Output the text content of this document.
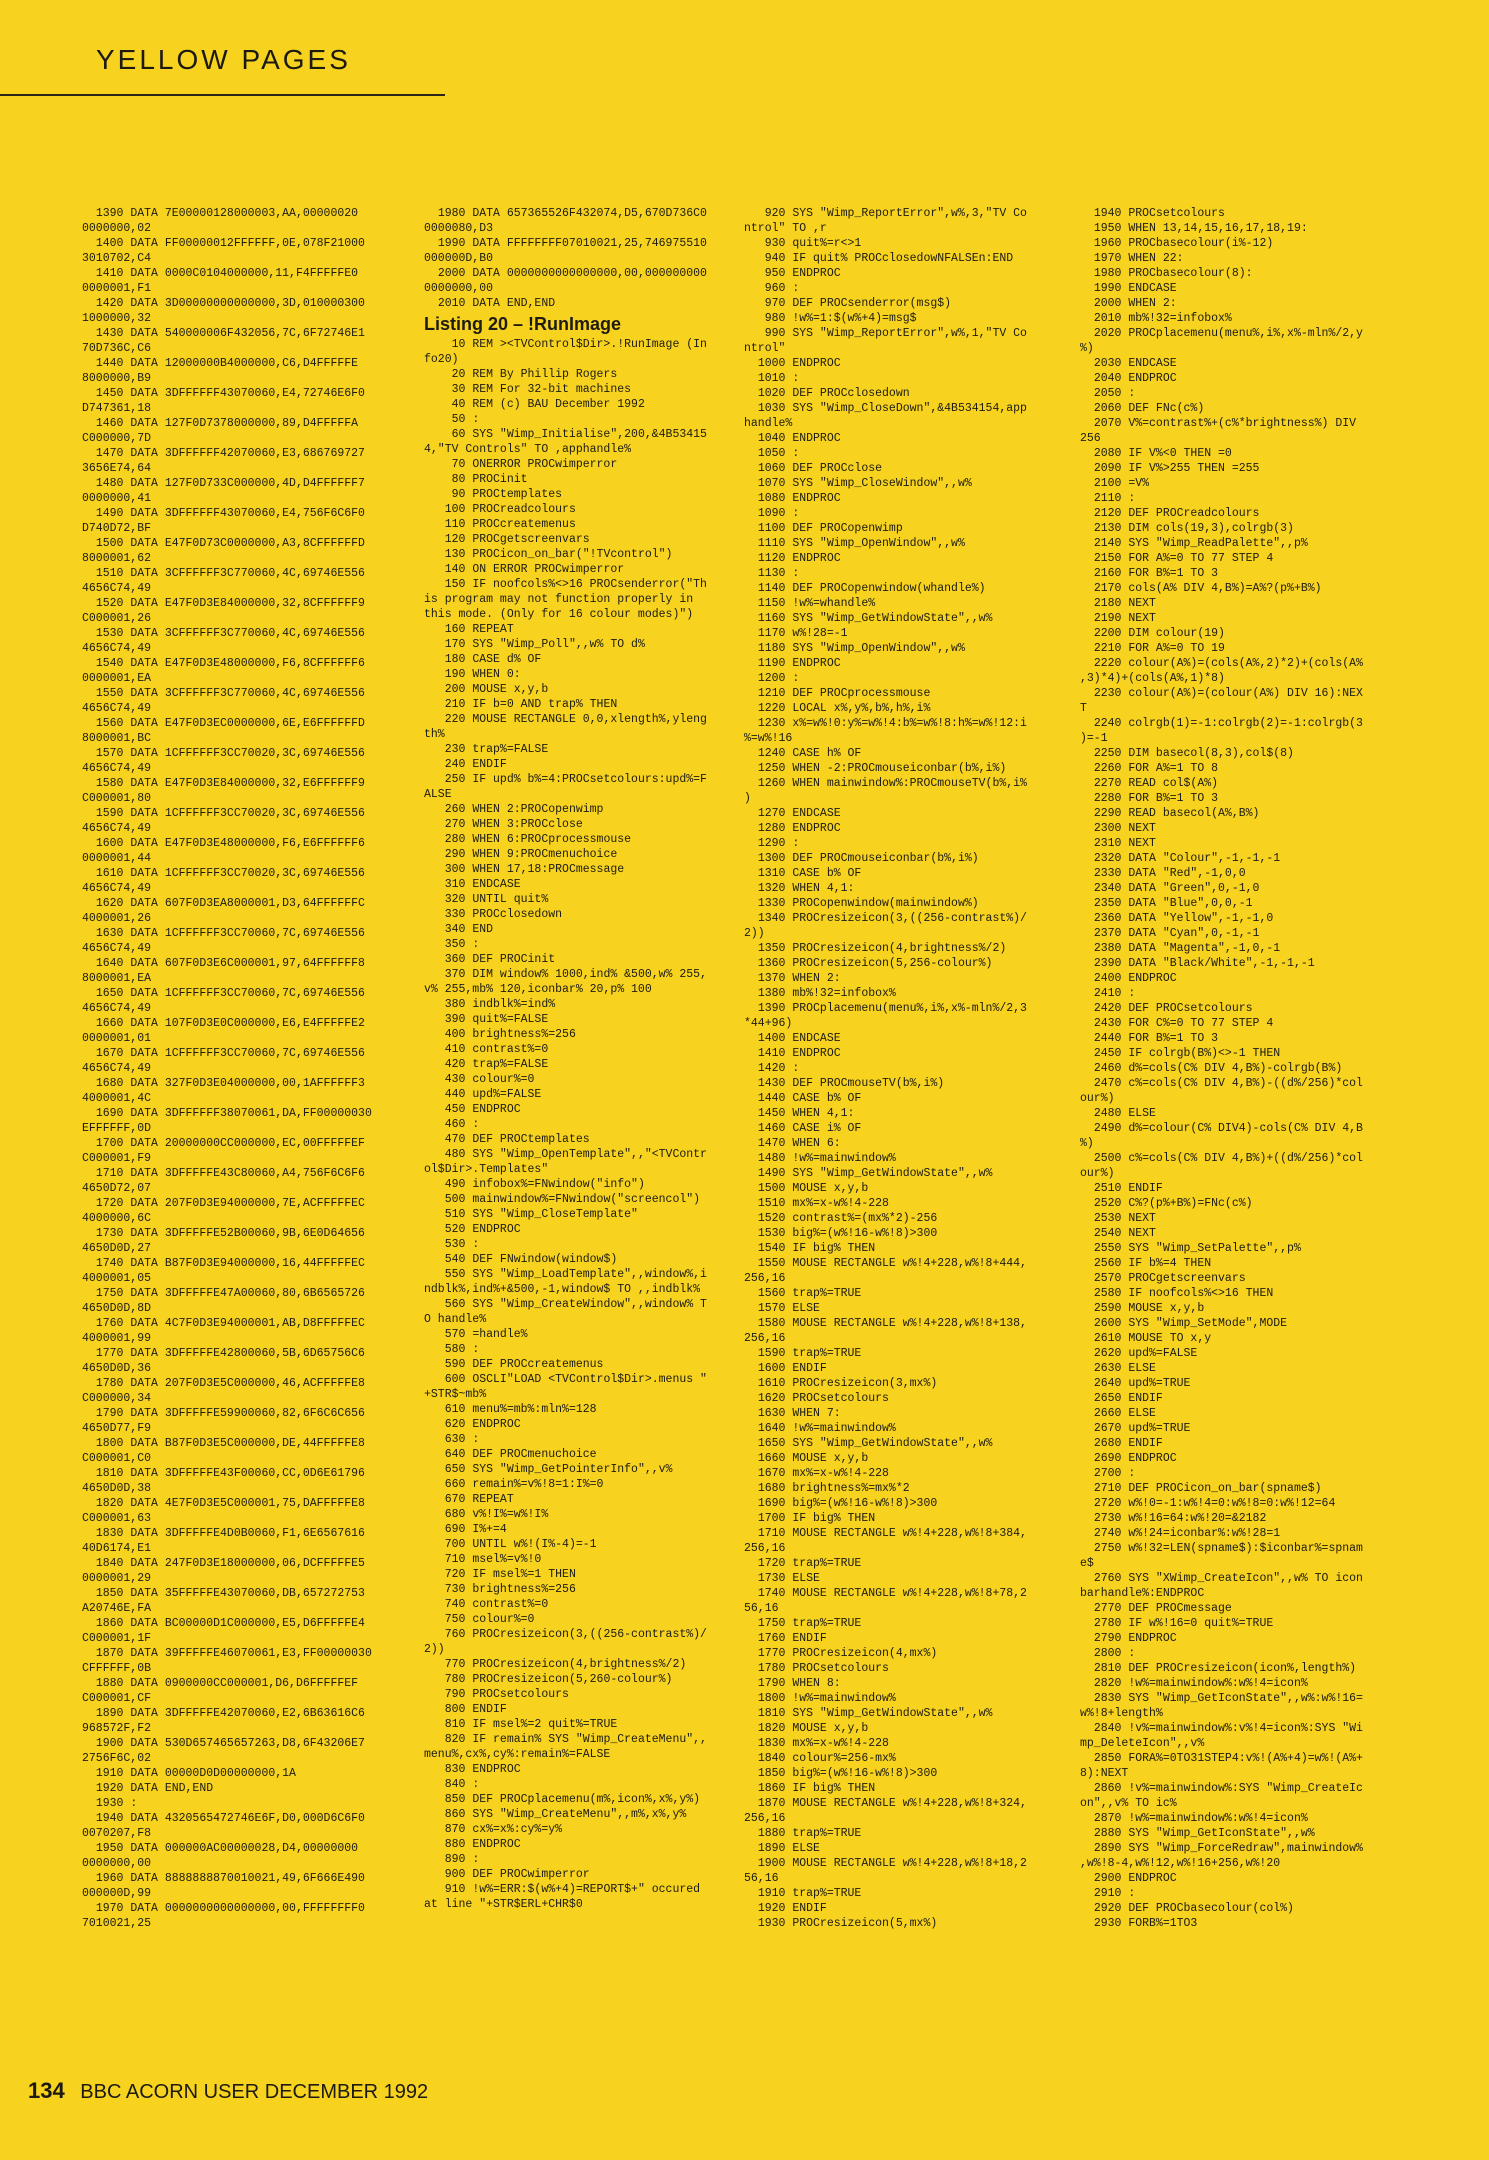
YELLOW PAGES
1390 DATA 7E00000128000003,AA,00000020
0000000,02
1400 DATA FF00000012FFFFFF,0E,078F21000
3010702,C4
1410 DATA 0000C0104000000,11,F4FFFFFE0
0000001,F1
1420 DATA 3D00000000000000,3D,010000300
1000000,32
1430 DATA 540000006F432056,7C,6F72746E1
70D736C,C6
1440 DATA 12000000B4000000,C6,D4FFFFFE
8000000,B9
1450 DATA 3DFFFFFF43070060,E4,72746E6F0
D747361,18
1460 DATA 127F0D7378000000,89,D4FFFFFA
C000000,7D
1470 DATA 3DFFFFFF42070060,E3,686769727
3656E74,64
1480 DATA 127F0D733C000000,4D,D4FFFFFF7
0000000,41
1490 DATA 3DFFFFFF43070060,E4,756F6C6F0
D740D72,BF
1500 DATA E47F0D73C0000000,A3,8CFFFFFFD
8000001,62
1510 DATA 3CFFFFFF3C770060,4C,69746E556
4656C74,49
1520 DATA E47F0D3E84000000,32,8CFFFFFF9
C000001,26
1530 DATA 3CFFFFFF3C770060,4C,69746E556
4656C74,49
1540 DATA E47F0D3E48000000,F6,8CFFFFFF6
0000001,EA
1550 DATA 3CFFFFFF3C770060,4C,69746E556
4656C74,49
1560 DATA E47F0D3EC0000000,6E,E6FFFFFFD
8000001,BC
1570 DATA 1CFFFFFF3CC70020,3C,69746E556
4656C74,49
1580 DATA E47F0D3E84000000,32,E6FFFFFF9
C000001,80
1590 DATA 1CFFFFFF3CC70020,3C,69746E556
4656C74,49
1600 DATA E47F0D3E48000000,F6,E6FFFFFF6
0000001,44
1610 DATA 1CFFFFFF3CC70020,3C,69746E556
4656C74,49
1620 DATA 607F0D3EA8000001,D3,64FFFFFFC
4000001,26
1630 DATA 1CFFFFFF3CC70060,7C,69746E556
4656C74,49
1640 DATA 607F0D3E6C000001,97,64FFFFFF8
8000001,EA
1650 DATA 1CFFFFFF3CC70060,7C,69746E556
4656C74,49
1660 DATA 107F0D3E0C000000,E6,E4FFFFFE2
0000001,01
1670 DATA 1CFFFFFF3CC70060,7C,69746E556
4656C74,49
1680 DATA 327F0D3E04000000,00,1AFFFFFF3
4000001,4C
1690 DATA 3DFFFFFF38070061,DA,FF00000030
EFFFFFF,0D
1700 DATA 20000000CC000000,EC,00FFFFFEF
C000001,F9
1710 DATA 3DFFFFFE43C80060,A4,756F6C6F6
4650D72,07
1720 DATA 207F0D3E94000000,7E,ACFFFFFEC
4000000,6C
1730 DATA 3DFFFFFE52B00060,9B,6E0D64656
4650D0D,27
1740 DATA B87F0D3E94000000,16,44FFFFFEC
4000001,05
1750 DATA 3DFFFFFE47A00060,80,6B6565726
4650D0D,8D
1760 DATA 4C7F0D3E94000001,AB,D8FFFFFEC
4000001,99
1770 DATA 3DFFFFFE42800060,5B,6D65756C6
4650D0D,36
1780 DATA 207F0D3E5C000000,46,ACFFFFFE8
C000000,34
1790 DATA 3DFFFFFE59900060,82,6F6C6C656
4650D77,F9
1800 DATA B87F0D3E5C000000,DE,44FFFFFE8
C000001,C0
1810 DATA 3DFFFFFE43F00060,CC,0D6E61796
4650D0D,38
1820 DATA 4E7F0D3E5C000001,75,DAFFFFFE8
C000001,63
1830 DATA 3DFFFFFE4D0B0060,F1,6E6567616
40D6174,E1
1840 DATA 247F0D3E18000000,06,DCFFFFFE5
0000001,29
1850 DATA 35FFFFFE43070060,DB,657272753
A20746E,FA
1860 DATA BC00000D1C000000,E5,D6FFFFFE4
C000001,1F
1870 DATA 39FFFFFE46070061,E3,FF00000030
CFFFFFF,0B
1880 DATA 0900000CC000001,D6,D6FFFFFEF
C000001,CF
1890 DATA 3DFFFFFE42070060,E2,6B63616C6
968572F,F2
1900 DATA 530D657465657263,D8,6F43206E7
2756F6C,02
1910 DATA 00000D0D00000000,1A
1920 DATA END,END
1930 :
1940 DATA 4320565472746E6F,D0,000D6C6F0
0070207,F8
1950 DATA 000000AC00000028,D4,00000000
0000000,00
1960 DATA 8888888870010021,49,6F666E490
000000D,99
1970 DATA 0000000000000000,00,FFFFFFFF0
7010021,25
1980 DATA 657365526F432074,D5,670D736C0
0000080,D3
1990 DATA FFFFFFFF07010021,25,746975510
000000D,B0
2000 DATA 0000000000000000,00,000000000
0000000,00
2010 DATA END,END
Listing 20 – !RunImage
10 REM ><TVControl$Dir>.!RunImage (In
fo20)
20 REM By Phillip Rogers
30 REM For 32-bit machines
40 REM (c) BAU December 1992
50 :
60 SYS "Wimp_Initialise",200,&4B53415
4,"TV Controls" TO ,apphandle%
70 ONERROR PROCwimperror
80 PROCinit
90 PROCtemplates
100 PROCreadcolours
110 PROCcreatemenus
120 PROCgetscreenvars
130 PROCicon_on_bar("!TVcontrol")
140 ON ERROR PROCwimperror
150 IF noofcols%<>16 PROCsenderror("Th
is program may not function properly in
this mode. (Only for 16 colour modes)")
160 REPEAT
170 SYS "Wimp_Poll",,w% TO d%
180 CASE d% OF
190 WHEN 0:
200 MOUSE x,y,b
210 IF b=0 AND trap% THEN
220 MOUSE RECTANGLE 0,0,xlength%,yleng
th%
230 trap%=FALSE
240 ENDIF
250 IF upd% b%=4:PROCsetcolours:upd%=F
ALSE
260 WHEN 2:PROCopenwimp
270 WHEN 3:PROCclose
280 WHEN 6:PROCprocessmouse
290 WHEN 9:PROCmenuchoice
300 WHEN 17,18:PROCmessage
310 ENDCASE
320 UNTIL quit%
330 PROCclosedown
340 END
350 :
360 DEF PROCinit
370 DIM window% 1000,ind% &500,w% 255,
v% 255,mb% 120,iconbar% 20,p% 100
380 indblk%=ind%
390 quit%=FALSE
400 brightness%=256
410 contrast%=0
420 trap%=FALSE
430 colour%=0
440 upd%=FALSE
450 ENDPROC
460 :
470 DEF PROCtemplates
480 SYS "Wimp_OpenTemplate",,"<TVContr
ol$Dir>.Templates"
490 infobox%=FNwindow("info")
500 mainwindow%=FNwindow("screencol")
510 SYS "Wimp_CloseTemplate"
520 ENDPROC
530 :
540 DEF FNwindow(window$)
550 SYS "Wimp_LoadTemplate",,window%,i
ndblk%,ind%+&500,-1,window$ TO ,,indblk%
560 SYS "Wimp_CreateWindow",,window% T
O handle%
570 =handle%
580 :
590 DEF PROCcreatemenus
600 OSCLI"LOAD <TVControl$Dir>.menus "
+STR$~mb%
610 menu%=mb%:mln%=128
620 ENDPROC
630 :
640 DEF PROCmenuchoice
650 SYS "Wimp_GetPointerInfo",,v%
660 remain%=v%!8=1:I%=0
670 REPEAT
680 v%!I%=w%!I%
690 I%+=4
700 UNTIL w%!(I%-4)=-1
710 msel%=v%!0
720 IF msel%=1 THEN
730 brightness%=256
740 contrast%=0
750 colour%=0
760 PROCresizeicon(3,((256-contrast%)/
2))
770 PROCresizeicon(4,brightness%/2)
780 PROCresizeicon(5,260-colour%)
790 PROCsetcolours
800 ENDIF
810 IF msel%=2 quit%=TRUE
820 IF remain% SYS "Wimp_CreateMenu",,
menu%,cx%,cy%:remain%=FALSE
830 ENDPROC
840 :
850 DEF PROCplacemenu(m%,icon%,x%,y%)
860 SYS "Wimp_CreateMenu",,m%,x%,y%
870 cx%=x%:cy%=y%
880 ENDPROC
890 :
900 DEF PROCwimperror
910 !w%=ERR:$(w%+4)=REPORT$+" occured
at line "+STR$ERL+CHR$0
920 SYS "Wimp_ReportError",w%,3,"TV Co
ntrol" TO ,r
930 quit%=r<>1
940 IF quit% PROCclosedowNFALSEn:END
950 ENDPROC
960 :
970 DEF PROCsenderror(msg$)
980 !w%=1:$(w%+4)=msg$
990 SYS "Wimp_ReportError",w%,1,"TV Co
ntrol"
1000 ENDPROC
1010 :
1020 DEF PROCclosedown
1030 SYS "Wimp_CloseDown",&4B534154,app
handle%
1040 ENDPROC
1050 :
1060 DEF PROCclose
1070 SYS "Wimp_CloseWindow",,w%
1080 ENDPROC
1090 :
1100 DEF PROCopenwimp
1110 SYS "Wimp_OpenWindow",,w%
1120 ENDPROC
1130 :
1140 DEF PROCopenwindow(whandle%)
1150 !w%=whandle%
1160 SYS "Wimp_GetWindowState",,w%
1170 w%!28=-1
1180 SYS "Wimp_OpenWindow",,w%
1190 ENDPROC
1200 :
1210 DEF PROCprocessmouse
1220 LOCAL x%,y%,b%,h%,i%
1230 x%=w%!0:y%=w%!4:b%=w%!8:h%=w%!12:i
%=w%!16
1240 CASE h% OF
1250 WHEN -2:PROCmouseiconbar(b%,i%)
1260 WHEN mainwindow%:PROCmouseTV(b%,i%
)
1270 ENDCASE
1280 ENDPROC
1290 :
1300 DEF PROCmouseiconbar(b%,i%)
1310 CASE b% OF
1320 WHEN 4,1:
1330 PROCopenwindow(mainwindow%)
1340 PROCresizeicon(3,((256-contrast%)/
2))
1350 PROCresizeicon(4,brightness%/2)
1360 PROCresizeicon(5,256-colour%)
1370 WHEN 2:
1380 mb%!32=infobox%
1390 PROCplacemenu(menu%,i%,x%-mln%/2,3
*44+96)
1400 ENDCASE
1410 ENDPROC
1420 :
1430 DEF PROCmouseTV(b%,i%)
1440 CASE b% OF
1450 WHEN 4,1:
1460 CASE i% OF
1470 WHEN 6:
1480 !w%=mainwindow%
1490 SYS "Wimp_GetWindowState",,w%
1500 MOUSE x,y,b
1510 mx%=x-w%!4-228
1520 contrast%=(mx%*2)-256
1530 big%=(w%!16-w%!8)>300
1540 IF big% THEN
1550 MOUSE RECTANGLE w%!4+228,w%!8+444,
256,16
1560 trap%=TRUE
1570 ELSE
1580 MOUSE RECTANGLE w%!4+228,w%!8+138,
256,16
1590 trap%=TRUE
1600 ENDIF
1610 PROCresizeicon(3,mx%)
1620 PROCsetcolours
1630 WHEN 7:
1640 !w%=mainwindow%
1650 SYS "Wimp_GetWindowState",,w%
1660 MOUSE x,y,b
1670 mx%=x-w%!4-228
1680 brightness%=mx%*2
1690 big%=(w%!16-w%!8)>300
1700 IF big% THEN
1710 MOUSE RECTANGLE w%!4+228,w%!8+384,
256,16
1720 trap%=TRUE
1730 ELSE
1740 MOUSE RECTANGLE w%!4+228,w%!8+78,2
56,16
1750 trap%=TRUE
1760 ENDIF
1770 PROCresizeicon(4,mx%)
1780 PROCsetcolours
1790 WHEN 8:
1800 !w%=mainwindow%
1810 SYS "Wimp_GetWindowState",,w%
1820 MOUSE x,y,b
1830 mx%=x-w%!4-228
1840 colour%=256-mx%
1850 big%=(w%!16-w%!8)>300
1860 IF big% THEN
1870 MOUSE RECTANGLE w%!4+228,w%!8+324,
256,16
1880 trap%=TRUE
1890 ELSE
1900 MOUSE RECTANGLE w%!4+228,w%!8+18,2
56,16
1910 trap%=TRUE
1920 ENDIF
1930 PROCresizeicon(5,mx%)
1940 PROCsetcolours
1950 WHEN 13,14,15,16,17,18,19:
1960 PROCbasecolour(i%-12)
1970 WHEN 22:
1980 PROCbasecolour(8):
1990 ENDCASE
2000 WHEN 2:
2010 mb%!32=infobox%
2020 PROCplacemenu(menu%,i%,x%-mln%/2,y
%)
2030 ENDCASE
2040 ENDPROC
2050 :
2060 DEF FNc(c%)
2070 V%=contrast%+(c%*brightness%) DIV
256
2080 IF V%<0 THEN =0
2090 IF V%>255 THEN =255
2100 =V%
2110 :
2120 DEF PROCreadcolours
2130 DIM cols(19,3),colrgb(3)
2140 SYS "Wimp_ReadPalette",,p%
2150 FOR A%=0 TO 77 STEP 4
2160 FOR B%=1 TO 3
2170 cols(A% DIV 4,B%)=A%?(p%+B%)
2180 NEXT
2190 NEXT
2200 DIM colour(19)
2210 FOR A%=0 TO 19
2220 colour(A%)=(cols(A%,2)*2)+(cols(A%
,3)*4)+(cols(A%,1)*8)
2230 colour(A%)=(colour(A%) DIV 16):NEX
T
2240 colrgb(1)=-1:colrgb(2)=-1:colrgb(3
)=-1
2250 DIM basecol(8,3),col$(8)
2260 FOR A%=1 TO 8
2270 READ col$(A%)
2280 FOR B%=1 TO 3
2290 READ basecol(A%,B%)
2300 NEXT
2310 NEXT
2320 DATA "Colour",-1,-1,-1
2330 DATA "Red",-1,0,0
2340 DATA "Green",0,-1,0
2350 DATA "Blue",0,0,-1
2360 DATA "Yellow",-1,-1,0
2370 DATA "Cyan",0,-1,-1
2380 DATA "Magenta",-1,0,-1
2390 DATA "Black/White",-1,-1,-1
2400 ENDPROC
2410 :
2420 DEF PROCsetcolours
2430 FOR C%=0 TO 77 STEP 4
2440 FOR B%=1 TO 3
2450 IF colrgb(B%)<>-1 THEN
2460 d%=cols(C% DIV 4,B%)-colrgb(B%)
2470 c%=cols(C% DIV 4,B%)-((d%/256)*col
our%)
2480 ELSE
2490 d%=colour(C% DIV4)-cols(C% DIV 4,B
%)
2500 c%=cols(C% DIV 4,B%)+((d%/256)*col
our%)
2510 ENDIF
2520 C%?(p%+B%)=FNc(c%)
2530 NEXT
2540 NEXT
2550 SYS "Wimp_SetPalette",,p%
2560 IF b%=4 THEN
2570 PROCgetscreenvars
2580 IF noofcols%<>16 THEN
2590 MOUSE x,y,b
2600 SYS "Wimp_SetMode",MODE
2610 MOUSE TO x,y
2620 upd%=FALSE
2630 ELSE
2640 upd%=TRUE
2650 ENDIF
2660 ELSE
2670 upd%=TRUE
2680 ENDIF
2690 ENDPROC
2700 :
2710 DEF PROCicon_on_bar(spname$)
2720 w%!0=-1:w%!4=0:w%!8=0:w%!12=64
2730 w%!16=64:w%!20=&2182
2740 w%!24=iconbar%:w%!28=1
2750 w%!32=LEN(spname$):$iconbar%=spnam
e$
2760 SYS "XWimp_CreateIcon",,w% TO icon
barhandle%:ENDPROC
2770 DEF PROCmessage
2780 IF w%!16=0 quit%=TRUE
2790 ENDPROC
2800 :
2810 DEF PROCresizeicon(icon%,length%)
2820 !w%=mainwindow%:w%!4=icon%
2830 SYS "Wimp_GetIconState",,w%:w%!16=
w%!8+length%
2840 !v%=mainwindow%:v%!4=icon%:SYS "Wi
mp_DeleteIcon",,v%
2850 FORA%=0TO31STEP4:v%!(A%+4)=w%!(A%+
8):NEXT
2860 !v%=mainwindow%:SYS "Wimp_CreateIc
on",,v% TO ic%
2870 !w%=mainwindow%:w%!4=icon%
2880 SYS "Wimp_GetIconState",,w%
2890 SYS "Wimp_ForceRedraw",mainwindow%
,w%!8-4,w%!12,w%!16+256,w%!20
2900 ENDPROC
2910 :
2920 DEF PROCbasecolour(col%)
2930 FORB%=1TO3
134 BBC ACORN USER DECEMBER 1992
